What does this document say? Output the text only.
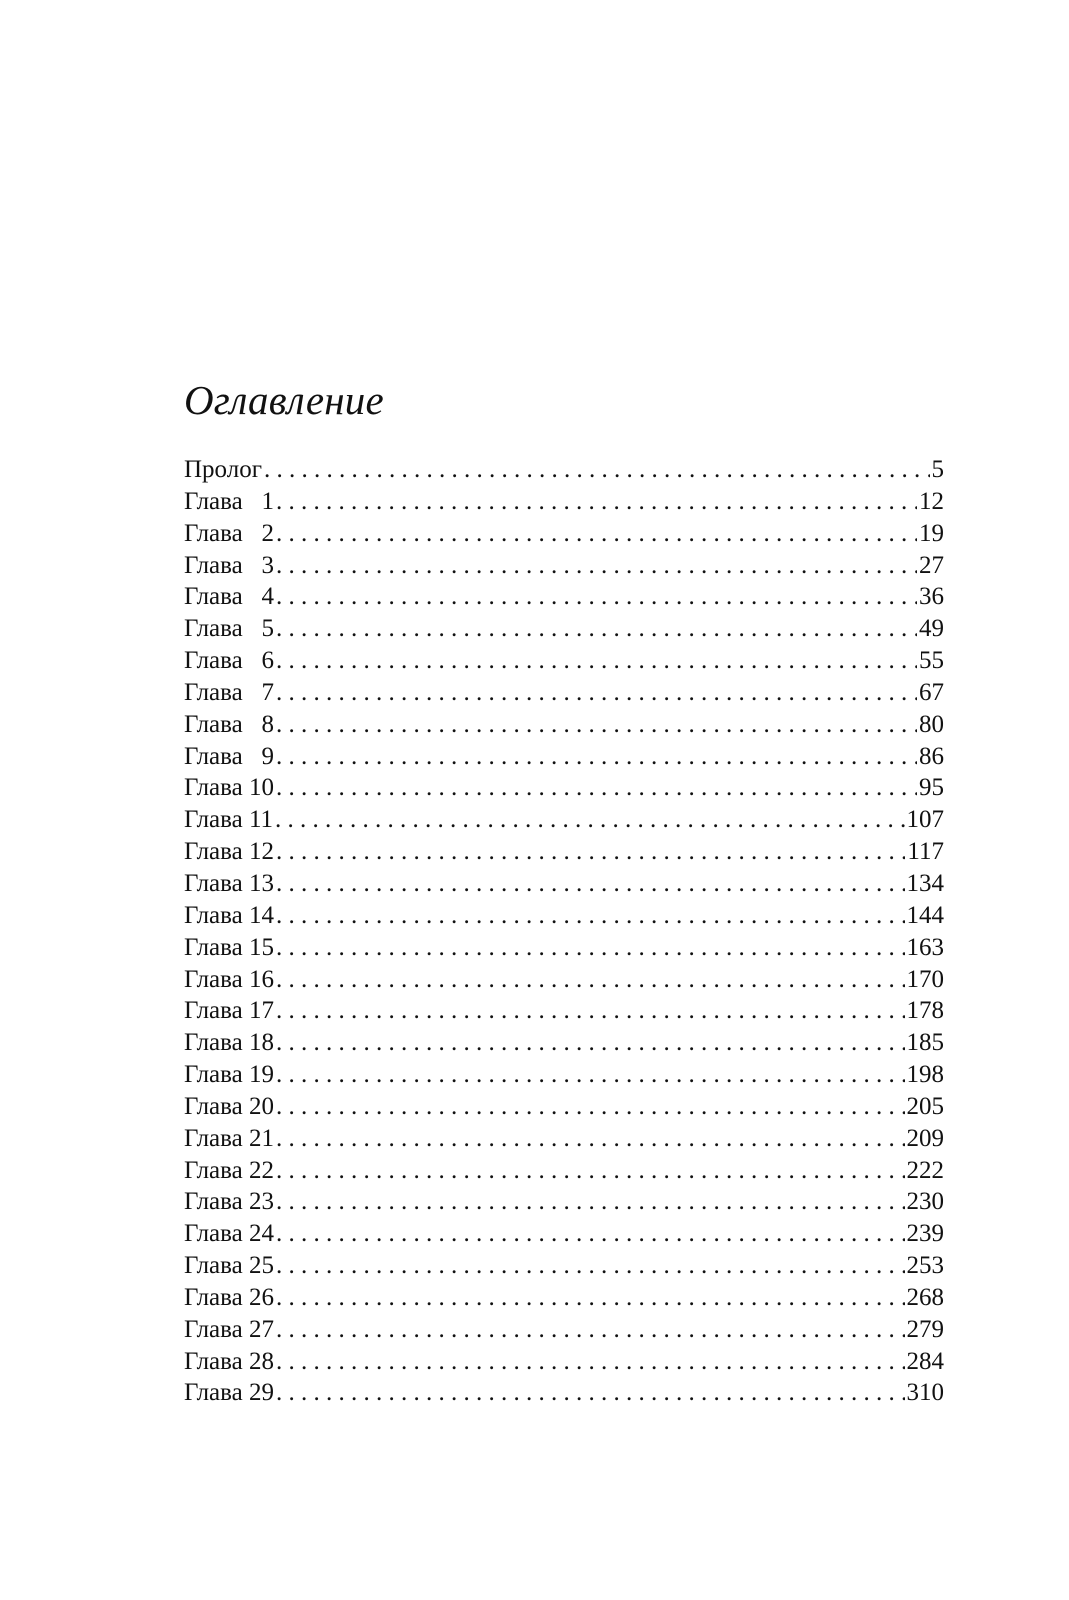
Оглавление
Пролог . . .	5
Глава   1 . . .	12
Глава   2 . . .	19
Глава   3 . . .	27
Глава   4 . . .	36
Глава   5 . . .	49
Глава   6 . . .	55
Глава   7 . . .	67
Глава   8 . . .	80
Глава   9 . . .	86
Глава 10 . . .	95
Глава 11 . . .	107
Глава 12 . . .	117
Глава 13 . . .	134
Глава 14 . . .	144
Глава 15 . . .	163
Глава 16 . . .	170
Глава 17 . . .	178
Глава 18 . . .	185
Глава 19 . . .	198
Глава 20 . . .	205
Глава 21 . . .	209
Глава 22 . . .	222
Глава 23 . . .	230
Глава 24 . . .	239
Глава 25 . . .	253
Глава 26 . . .	268
Глава 27 . . .	279
Глава 28 . . .	284
Глава 29 . . .	310
